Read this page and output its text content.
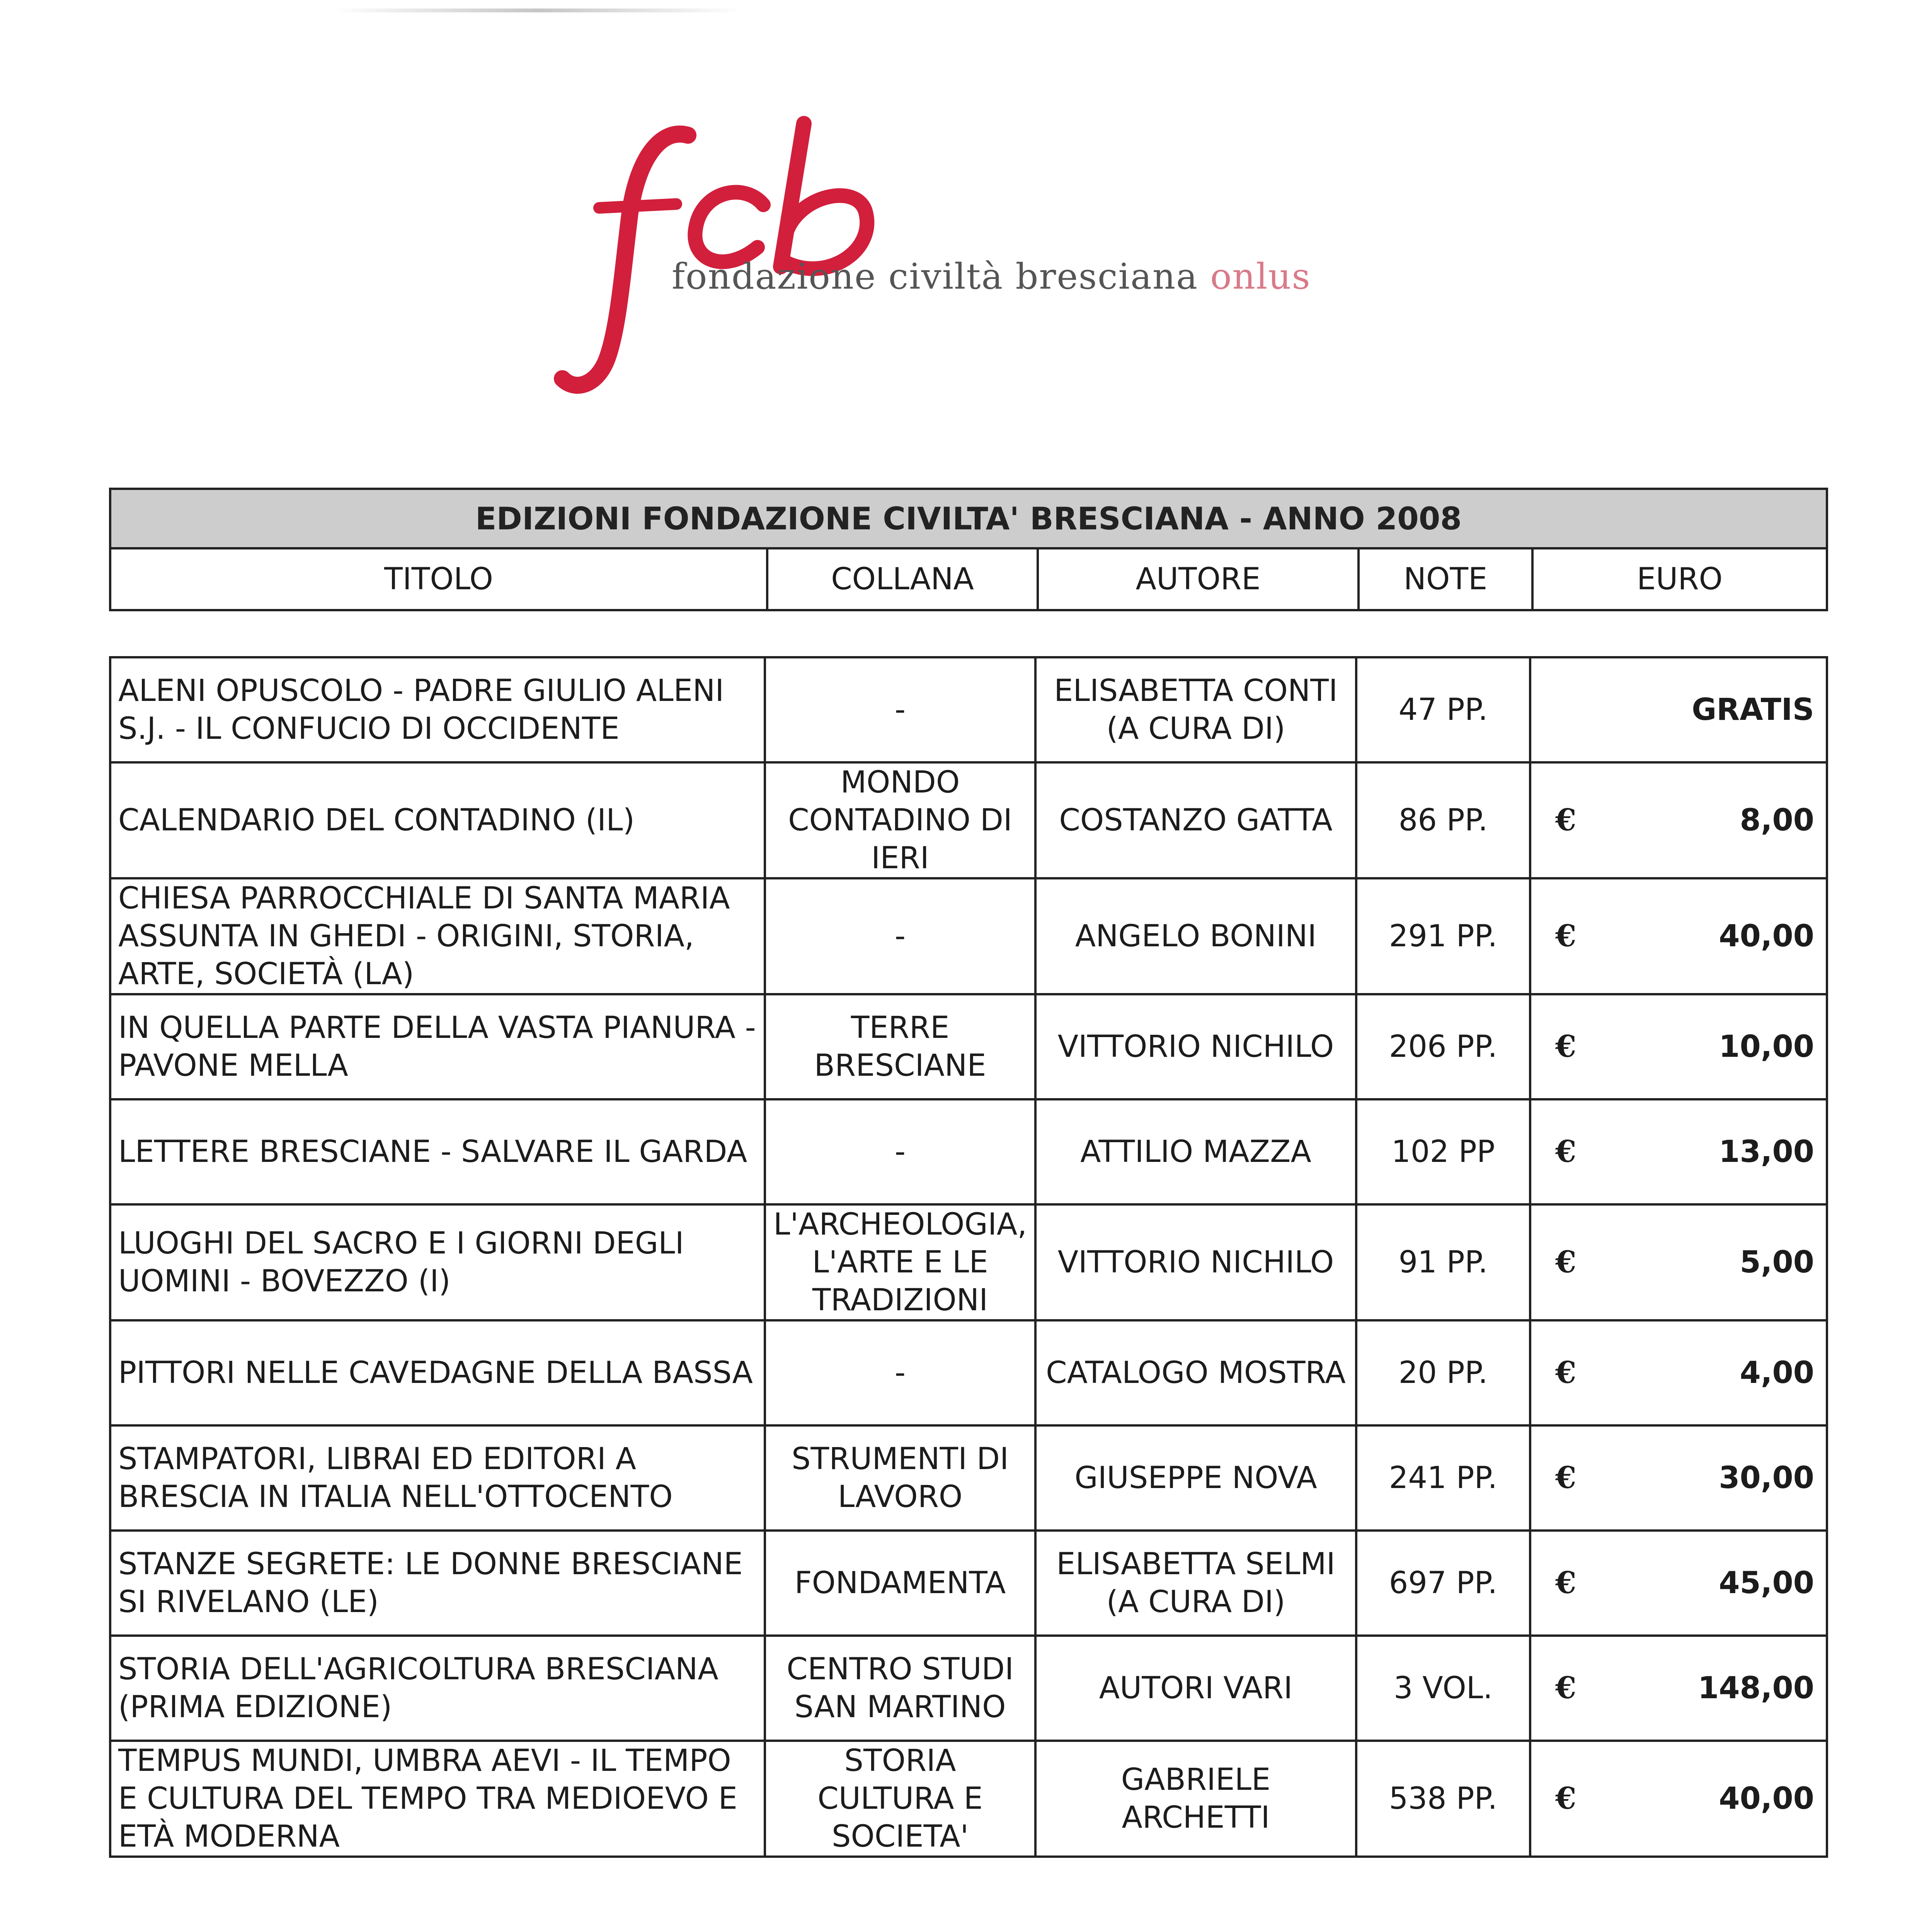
fondazione civiltà bresciana onlus
EDIZIONI FONDAZIONE CIVILTA' BRESCIANA - ANNO 2008
TITOLO	COLLANA	AUTORE	NOTE	EURO
ALENI OPUSCOLO - PADRE GIULIO ALENI S.J. - IL CONFUCIO DI OCCIDENTE	-	ELISABETTA CONTI (A CURA DI)	47 PP.	GRATIS

CALENDARIO DEL CONTADINO (IL)	MONDO CONTADINO DI IERI	COSTANZO GATTA	86 PP.	€ 8,00

CHIESA PARROCCHIALE DI SANTA MARIA ASSUNTA IN GHEDI - ORIGINI, STORIA, ARTE, SOCIETÀ (LA)	-	ANGELO BONINI	291 PP.	€ 40,00

IN QUELLA PARTE DELLA VASTA PIANURA - PAVONE MELLA	TERRE BRESCIANE	VITTORIO NICHILO	206 PP.	€ 10,00

LETTERE BRESCIANE - SALVARE IL GARDA	-	ATTILIO MAZZA	102 PP	€ 13,00

LUOGHI DEL SACRO E I GIORNI DEGLI UOMINI - BOVEZZO (I)	L'ARCHEOLOGIA, L'ARTE E LE TRADIZIONI	VITTORIO NICHILO	91 PP.	€ 5,00

PITTORI NELLE CAVEDAGNE DELLA BASSA	-	CATALOGO MOSTRA	20 PP.	€ 4,00

STAMPATORI, LIBRAI ED EDITORI A BRESCIA IN ITALIA NELL'OTTOCENTO	STRUMENTI DI LAVORO	GIUSEPPE NOVA	241 PP.	€ 30,00

STANZE SEGRETE: LE DONNE BRESCIANE SI RIVELANO (LE)	FONDAMENTA	ELISABETTA SELMI (A CURA DI)	697 PP.	€ 45,00

STORIA DELL'AGRICOLTURA BRESCIANA (PRIMA EDIZIONE)	CENTRO STUDI SAN MARTINO	AUTORI VARI	3 VOL.	€ 148,00

TEMPUS MUNDI, UMBRA AEVI - IL TEMPO E CULTURA DEL TEMPO TRA MEDIOEVO E ETÀ MODERNA	STORIA CULTURA E SOCIETA'	GABRIELE ARCHETTI	538 PP.	€ 40,00
